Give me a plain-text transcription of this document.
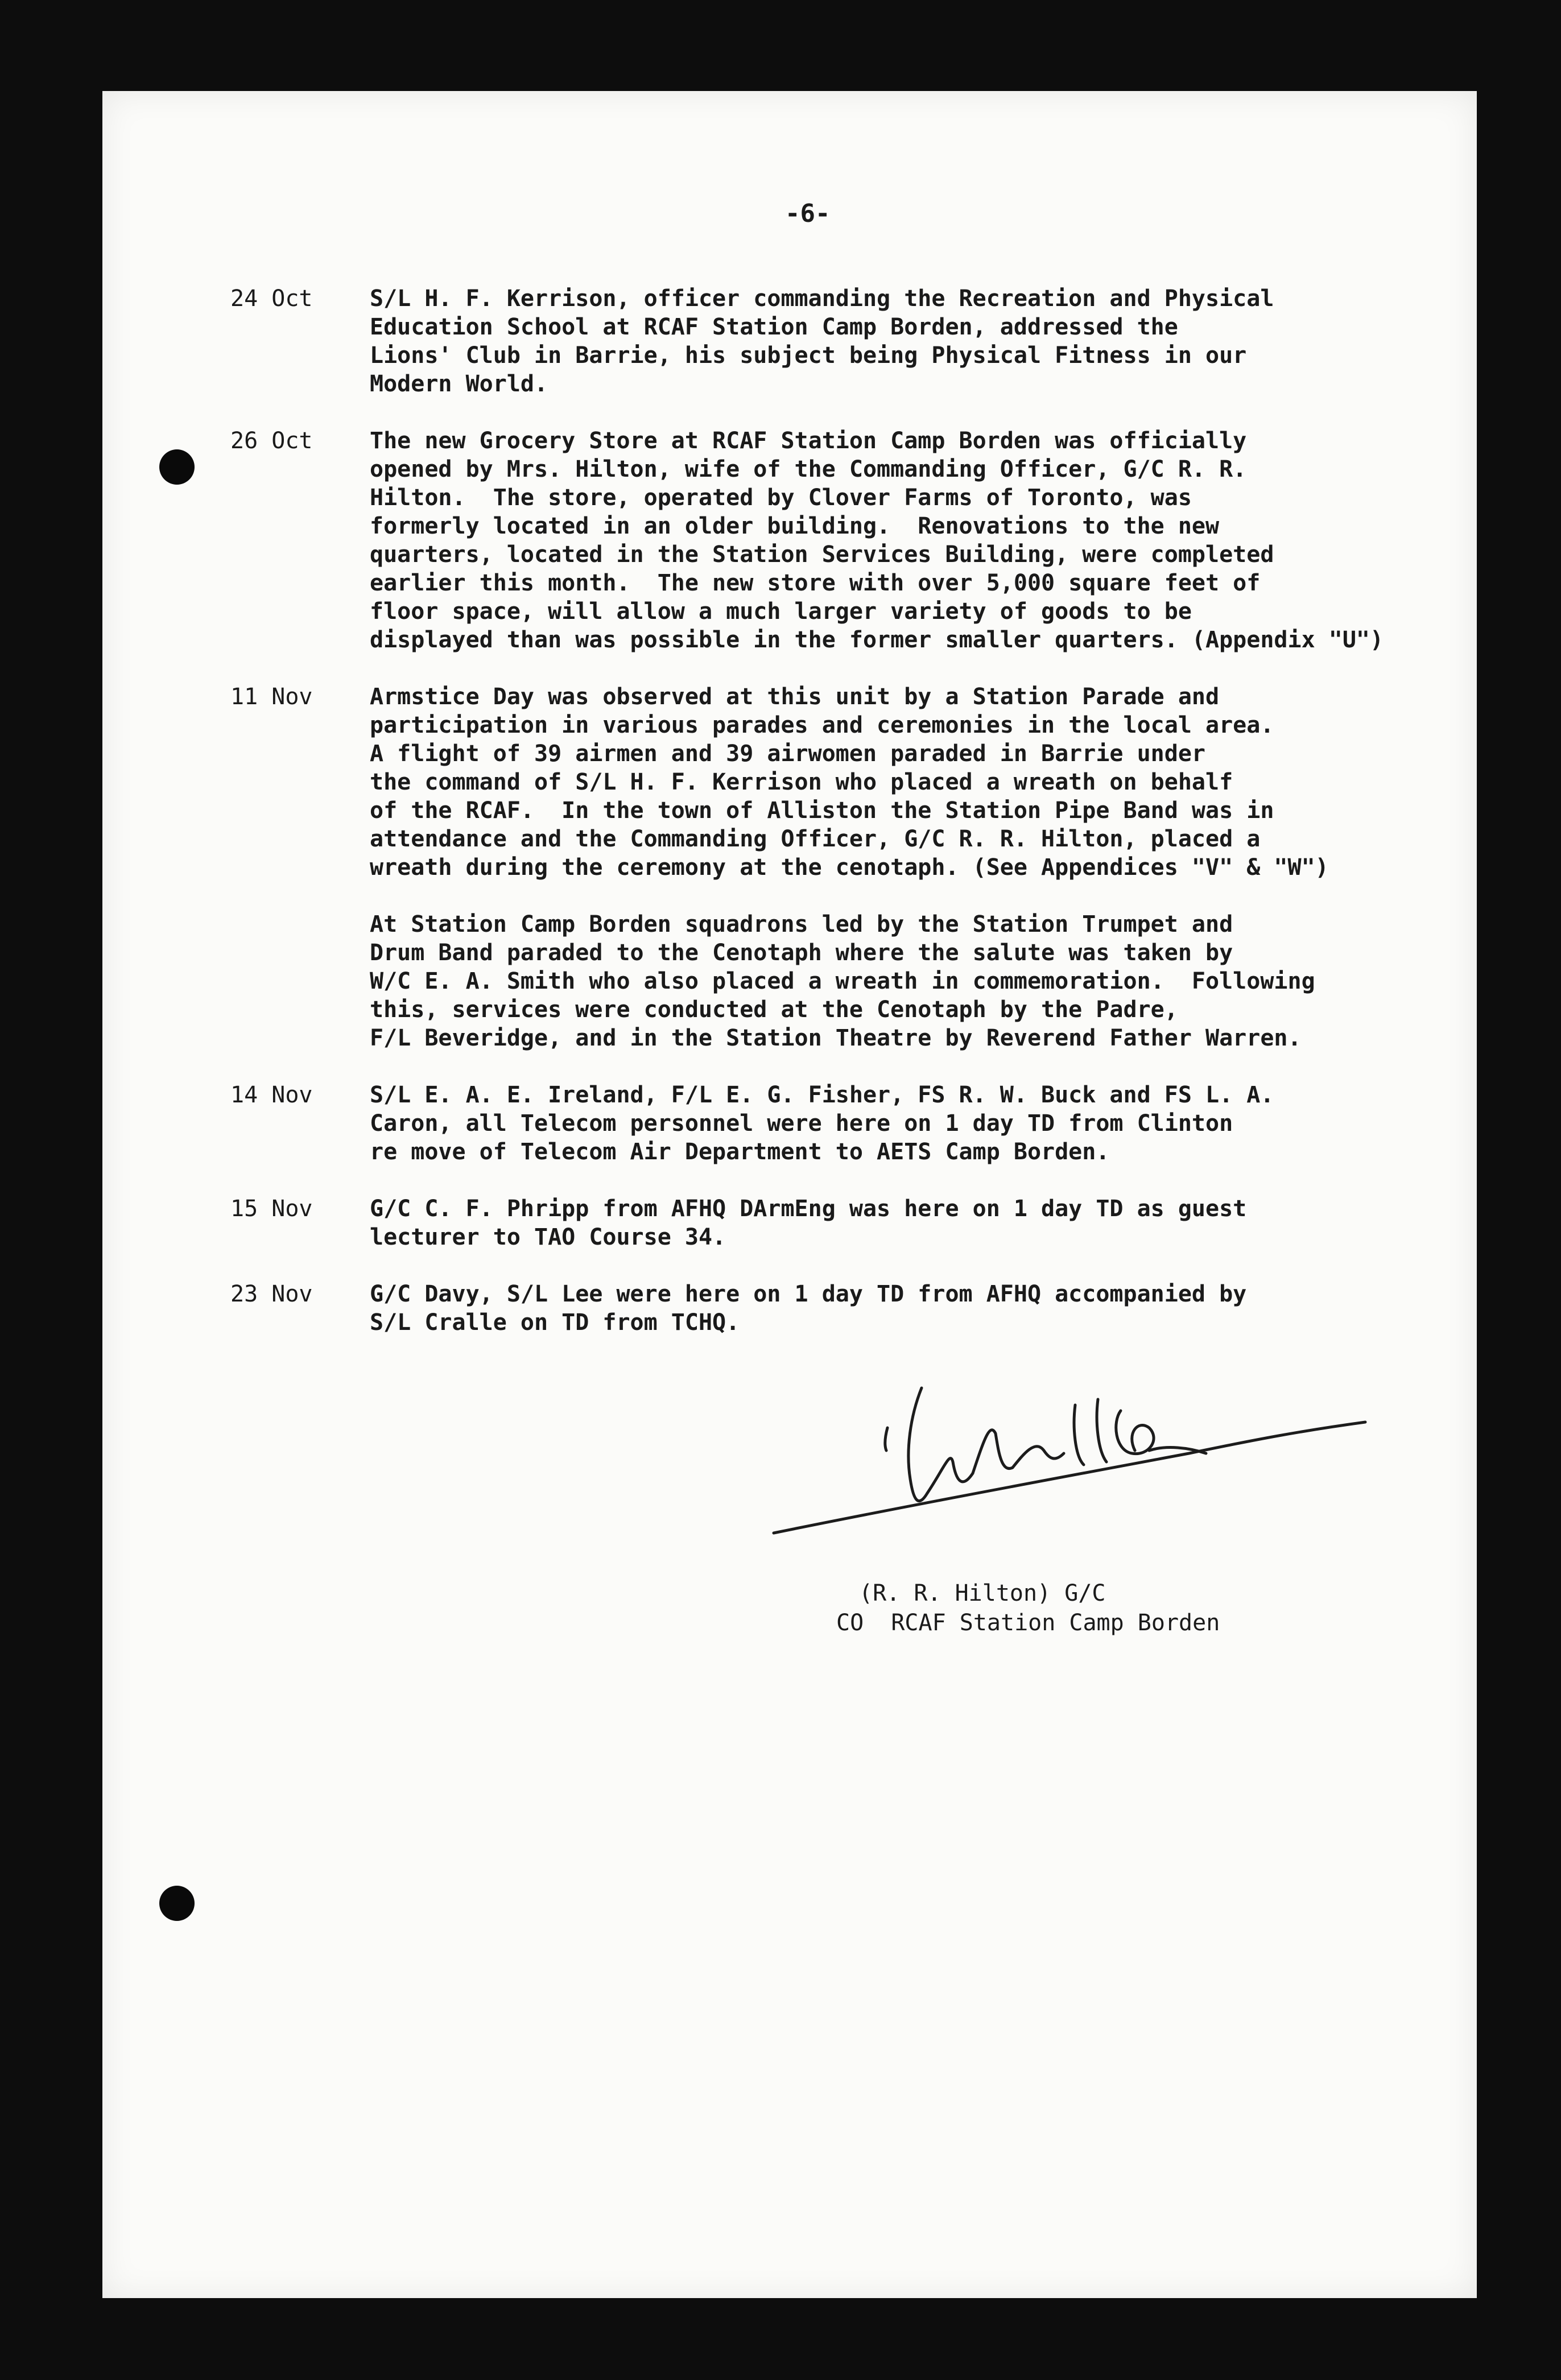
-6-
24 Oct	S/L H. F. Kerrison, officer commanding the Recreation and Physical
Education School at RCAF Station Camp Borden, addressed the
Lions' Club in Barrie, his subject being Physical Fitness in our
Modern World.
26 Oct	The new Grocery Store at RCAF Station Camp Borden was officially
opened by Mrs. Hilton, wife of the Commanding Officer, G/C R. R.
Hilton.  The store, operated by Clover Farms of Toronto, was
formerly located in an older building.  Renovations to the new
quarters, located in the Station Services Building, were completed
earlier this month.  The new store with over 5,000 square feet of
floor space, will allow a much larger variety of goods to be
displayed than was possible in the former smaller quarters. (Appendix "U")
11 Nov	Armstice Day was observed at this unit by a Station Parade and
participation in various parades and ceremonies in the local area.
A flight of 39 airmen and 39 airwomen paraded in Barrie under
the command of S/L H. F. Kerrison who placed a wreath on behalf
of the RCAF.  In the town of Alliston the Station Pipe Band was in
attendance and the Commanding Officer, G/C R. R. Hilton, placed a
wreath during the ceremony at the cenotaph. (See Appendices "V" & "W")
At Station Camp Borden squadrons led by the Station Trumpet and
Drum Band paraded to the Cenotaph where the salute was taken by
W/C E. A. Smith who also placed a wreath in commemoration.  Following
this, services were conducted at the Cenotaph by the Padre,
F/L Beveridge, and in the Station Theatre by Reverend Father Warren.
14 Nov	S/L E. A. E. Ireland, F/L E. G. Fisher, FS R. W. Buck and FS L. A.
Caron, all Telecom personnel were here on 1 day TD from Clinton
re move of Telecom Air Department to AETS Camp Borden.
15 Nov	G/C C. F. Phripp from AFHQ DArmEng was here on 1 day TD as guest
lecturer to TAO Course 34.
23 Nov	G/C Davy, S/L Lee were here on 1 day TD from AFHQ accompanied by
S/L Cralle on TD from TCHQ.
(R. R. Hilton) G/C
CO  RCAF Station Camp Borden
